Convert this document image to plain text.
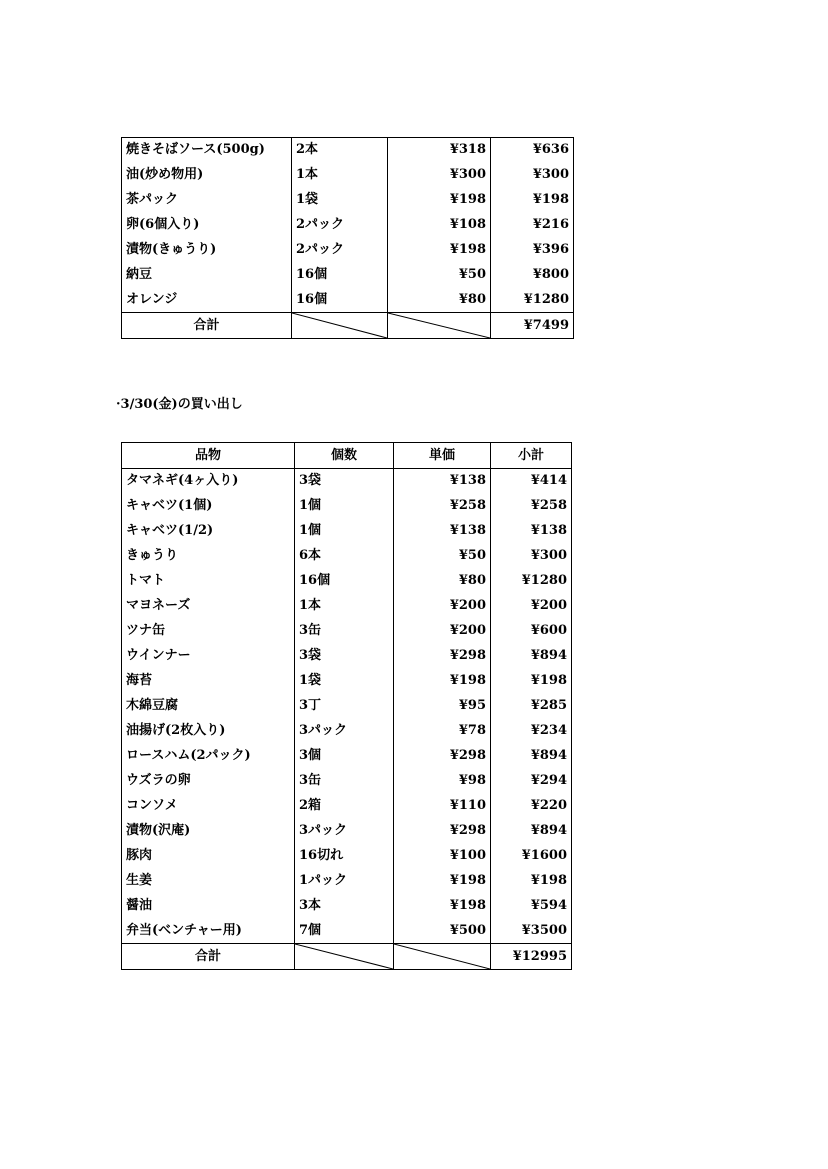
焼きそばソース(500g)	2本	¥318	¥636
油(炒め物用)	1本	¥300	¥300
茶パック	1袋	¥198	¥198
卵(6個入り)	2パック	¥108	¥216
漬物(きゅうり)	2パック	¥198	¥396
納豆	16個	¥50	¥800
オレンジ	16個	¥80	¥1280
合計			¥7499
·3/30(金)の買い出し
品物	個数	単価	小計
タマネギ(4ヶ入り)	3袋	¥138	¥414
キャベツ(1個)	1個	¥258	¥258
キャベツ(1/2)	1個	¥138	¥138
きゅうり	6本	¥50	¥300
トマト	16個	¥80	¥1280
マヨネーズ	1本	¥200	¥200
ツナ缶	3缶	¥200	¥600
ウインナー	3袋	¥298	¥894
海苔	1袋	¥198	¥198
木綿豆腐	3丁	¥95	¥285
油揚げ(2枚入り)	3パック	¥78	¥234
ロースハム(2パック)	3個	¥298	¥894
ウズラの卵	3缶	¥98	¥294
コンソメ	2箱	¥110	¥220
漬物(沢庵)	3パック	¥298	¥894
豚肉	16切れ	¥100	¥1600
生姜	1パック	¥198	¥198
醤油	3本	¥198	¥594
弁当(ベンチャー用)	7個	¥500	¥3500
合計			¥12995
